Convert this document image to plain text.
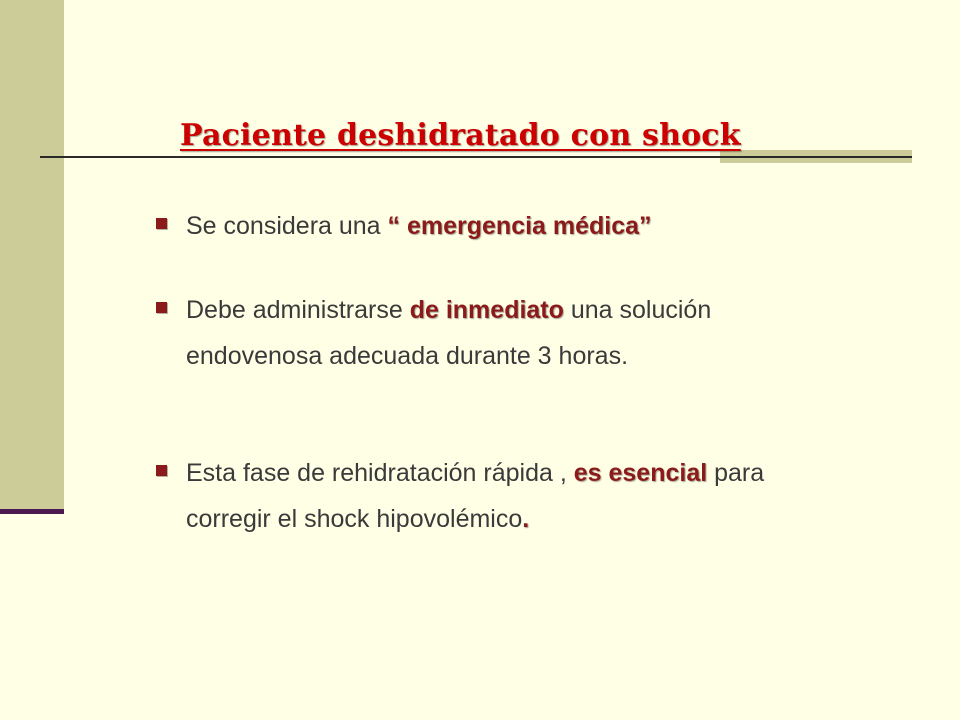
Paciente deshidratado con shock
Se considera una “ emergencia médica”
Debe administrarse de inmediato una solución endovenosa adecuada durante 3 horas.
Esta fase de rehidratación rápida , es esencial para corregir el shock hipovolémico.
